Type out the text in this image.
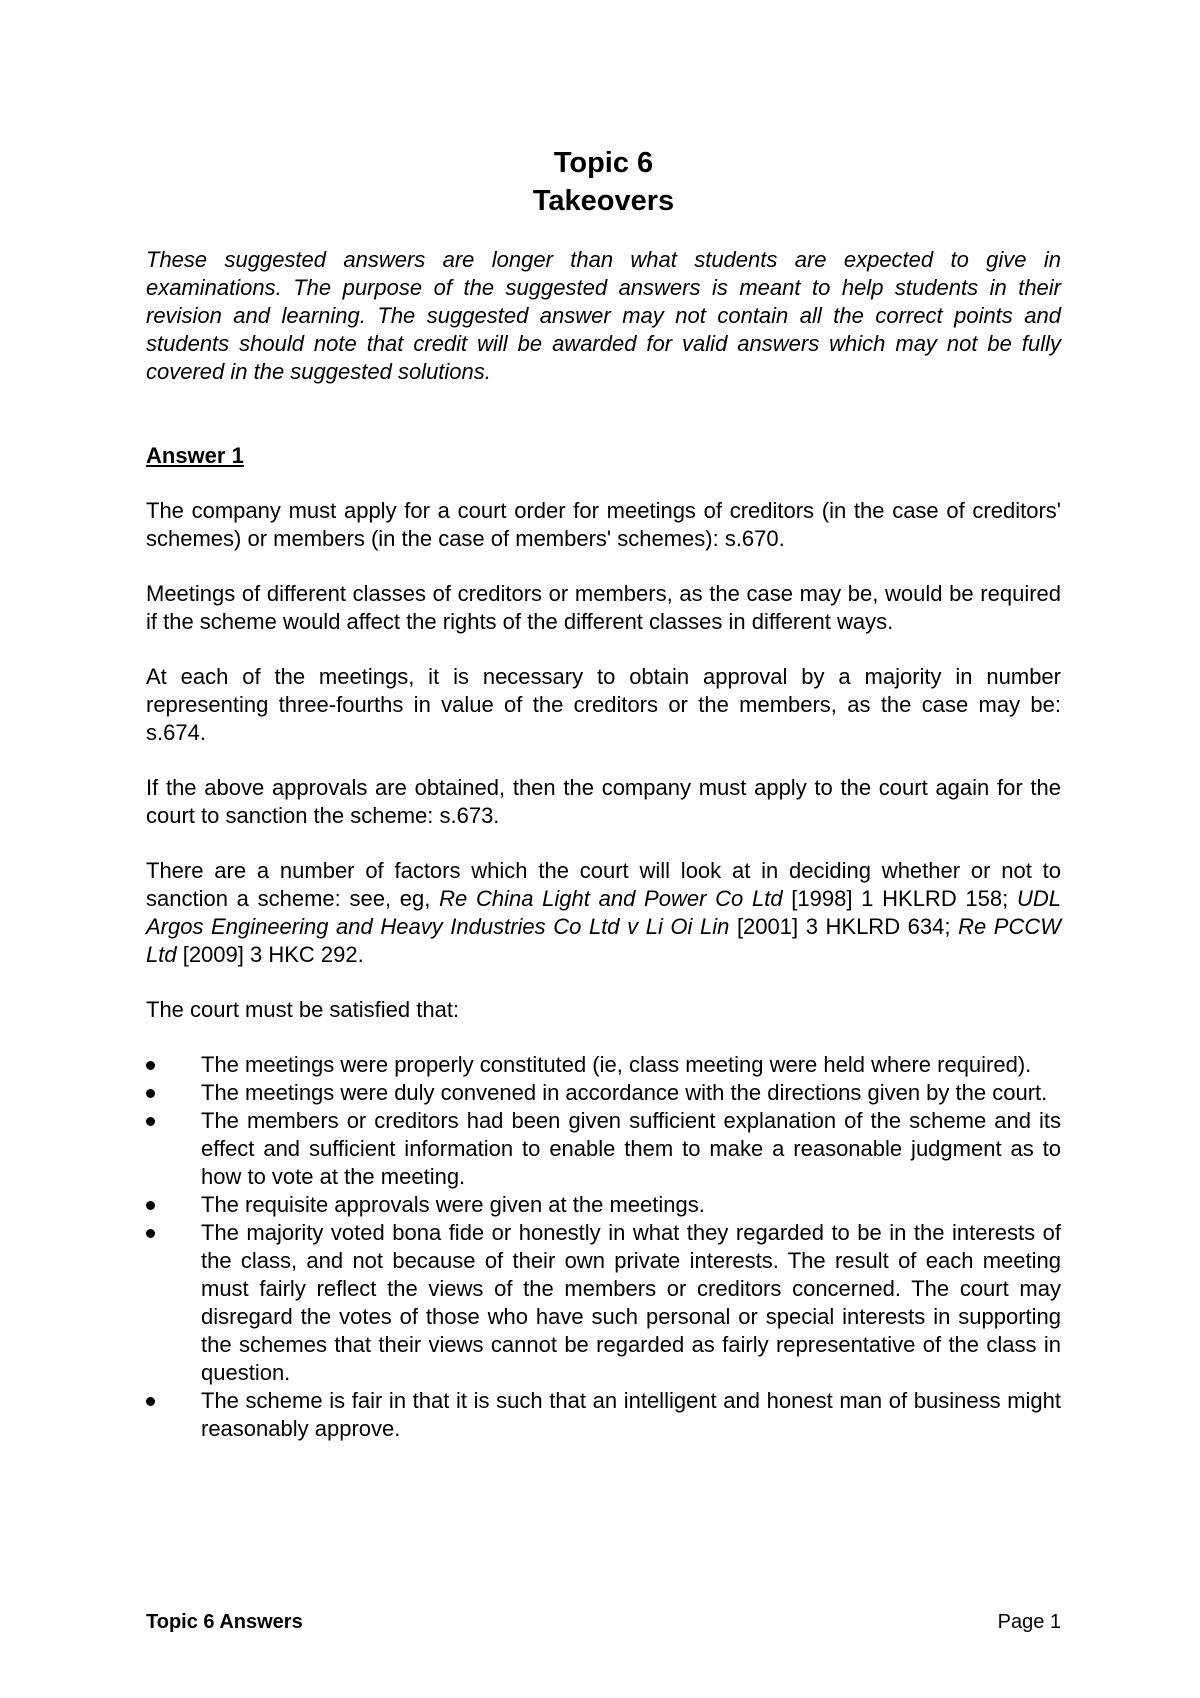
Topic 6
Takeovers

These suggested answers are longer than what students are expected to give in examinations. The purpose of the suggested answers is meant to help students in their revision and learning. The suggested answer may not contain all the correct points and students should note that credit will be awarded for valid answers which may not be fully covered in the suggested solutions.

Answer 1

The company must apply for a court order for meetings of creditors (in the case of creditors' schemes) or members (in the case of members' schemes): s.670.

Meetings of different classes of creditors or members, as the case may be, would be required if the scheme would affect the rights of the different classes in different ways.

At each of the meetings, it is necessary to obtain approval by a majority in number representing three-fourths in value of the creditors or the members, as the case may be: s.674.

If the above approvals are obtained, then the company must apply to the court again for the court to sanction the scheme: s.673.

There are a number of factors which the court will look at in deciding whether or not to sanction a scheme: see, eg, Re China Light and Power Co Ltd [1998] 1 HKLRD 158; UDL Argos Engineering and Heavy Industries Co Ltd v Li Oi Lin [2001] 3 HKLRD 634; Re PCCW Ltd [2009] 3 HKC 292.

The court must be satisfied that:

The meetings were properly constituted (ie, class meeting were held where required).
The meetings were duly convened in accordance with the directions given by the court.
The members or creditors had been given sufficient explanation of the scheme and its effect and sufficient information to enable them to make a reasonable judgment as to how to vote at the meeting.
The requisite approvals were given at the meetings.
The majority voted bona fide or honestly in what they regarded to be in the interests of the class, and not because of their own private interests. The result of each meeting must fairly reflect the views of the members or creditors concerned. The court may disregard the votes of those who have such personal or special interests in supporting the schemes that their views cannot be regarded as fairly representative of the class in question.
The scheme is fair in that it is such that an intelligent and honest man of business might reasonably approve.
Topic 6 Answers	Page 1
